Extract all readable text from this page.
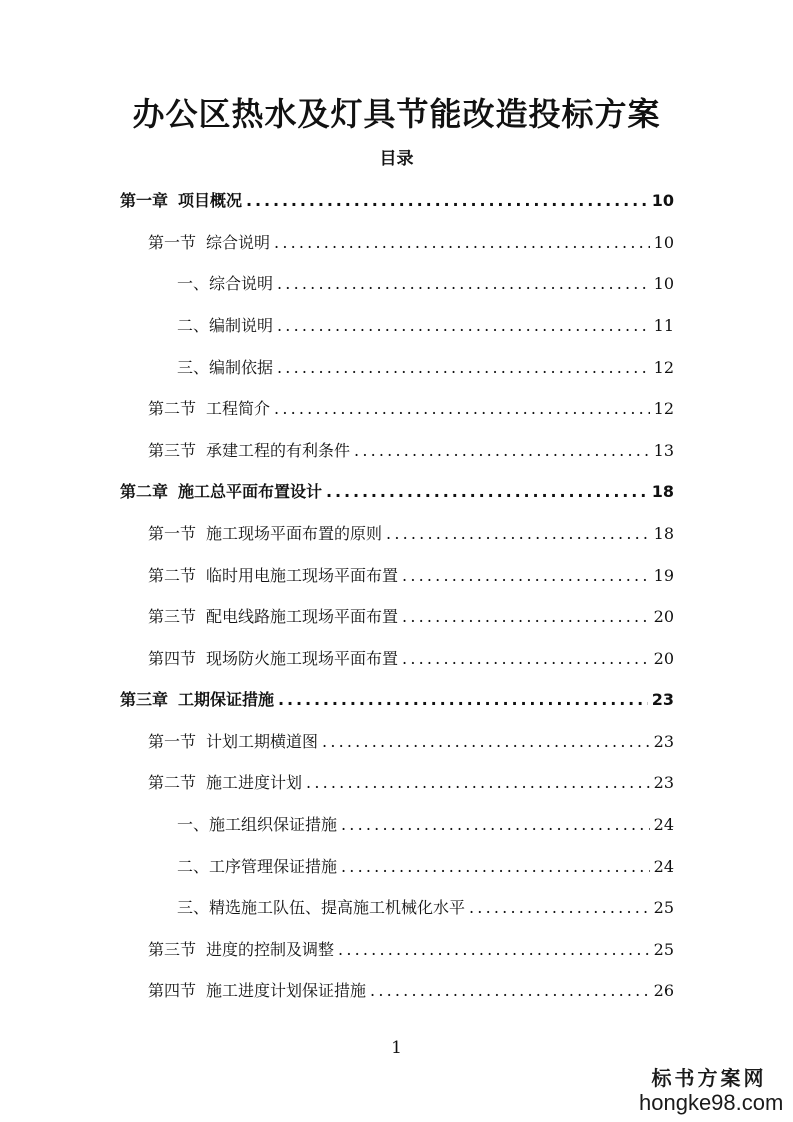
办公区热水及灯具节能改造投标方案
目录
第一章 项目概况 .....	10
第一节 综合说明 .....	10
一、综合说明 .....	10
二、编制说明 .....	11
三、编制依据 .....	12
第二节 工程简介 .....	12
第三节 承建工程的有利条件 .....	13
第二章 施工总平面布置设计 .....	18
第一节 施工现场平面布置的原则 .....	18
第二节 临时用电施工现场平面布置 .....	19
第三节 配电线路施工现场平面布置 .....	20
第四节 现场防火施工现场平面布置 .....	20
第三章 工期保证措施 .....	23
第一节 计划工期横道图 .....	23
第二节 施工进度计划 .....	23
一、施工组织保证措施 .....	24
二、工序管理保证措施 .....	24
三、精选施工队伍、提高施工机械化水平 .....	25
第三节 进度的控制及调整 .....	25
第四节 施工进度计划保证措施 .....	26
1
标书方案网
hongke98.com
